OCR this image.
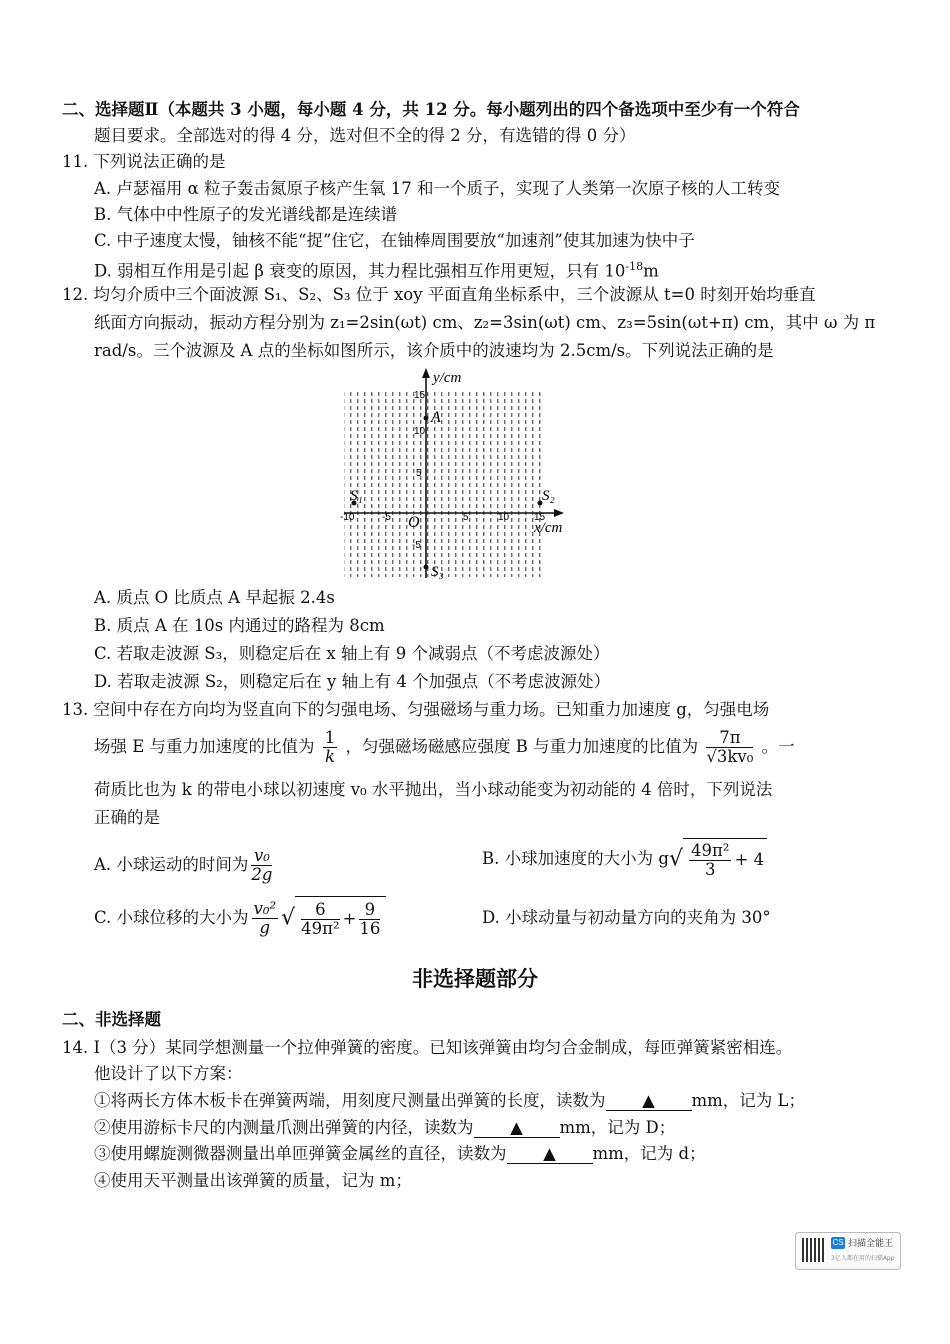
二、选择题Ⅱ（本题共 3 小题，每小题 4 分，共 12 分。每小题列出的四个备选项中至少有一个符合
题目要求。全部选对的得 4 分，选对但不全的得 2 分，有选错的得 0 分）
11. 下列说法正确的是
A. 卢瑟福用 α 粒子轰击氮原子核产生氧 17 和一个质子，实现了人类第一次原子核的人工转变
B. 气体中中性原子的发光谱线都是连续谱
C. 中子速度太慢，铀核不能“捉”住它，在铀棒周围要放“加速剂”使其加速为快中子
D. 弱相互作用是引起 β 衰变的原因，其力程比强相互作用更短，只有 $10^{-18}m$
12. 均匀介质中三个面波源 S₁、S₂、S₃ 位于 xoy 平面直角坐标系中，三个波源从 t=0 时刻开始均垂直
纸面方向振动，振动方程分别为 z₁=2sin(ωt) cm、z₂=3sin(ωt) cm、z₃=5sin(ωt+π) cm，其中 ω 为 π
rad/s。三个波源及 A 点的坐标如图所示，该介质中的波速均为 2.5cm/s。下列说法正确的是
y/cm
x/cm
O
A
S₁	S₂
S₃
-10	-5	5	10 15
15
10
5
-5
A. 质点 O 比质点 A 早起振 2.4s
B. 质点 A 在 10s 内通过的路程为 8cm
C. 若取走波源 S₃，则稳定后在 x 轴上有 9 个减弱点（不考虑波源处）
D. 若取走波源 S₂，则稳定后在 y 轴上有 4 个加强点（不考虑波源处）
13. 空间中存在方向均为竖直向下的匀强电场、匀强磁场与重力场。已知重力加速度 g，匀强电场
场强 E 与重力加速度的比值为 $\frac{1}{k}$ ，匀强磁场磁感应强度 B 与重力加速度的比值为 $\frac{7\pi}{\text{√3kv₀}}$ 。一
荷质比也为 k 的带电小球以初速度 v₀ 水平抛出，当小球动能变为初动能的 4 倍时，下列说法
正确的是
A. 小球运动的时间为 $\frac{\text{v₀}}{2g}$	B. 小球加速度的大小为 $g√ \frac{\text{49π²}}{3} + 4$
C. 小球位移的大小为 $\frac{\text{v₀²}}{g}$ √ $\frac{6}{\text{49π²}} + \frac{9}{16}$	D. 小球动量与初动量方向的夹角为 30°
非选择题部分
二、非选择题
14. Ⅰ（3 分）某同学想测量一个拉伸弹簧的密度。已知该弹簧由均匀合金制成，每匝弹簧紧密相连。
他设计了以下方案：
①将两长方体木板卡在弹簧两端，用刻度尺测量出弹簧的长度，读数为 ▲ mm，记为 L；
②使用游标卡尺的内测量爪测出弹簧的内径，读数为 ▲ mm，记为 D；
③使用螺旋测微器测量出单匝弹簧金属丝的直径，读数为 ▲ mm，记为 d；
④使用天平测量出该弹簧的质量，记为 m；
CS 扫描全能王
3亿人都在用的扫描App
